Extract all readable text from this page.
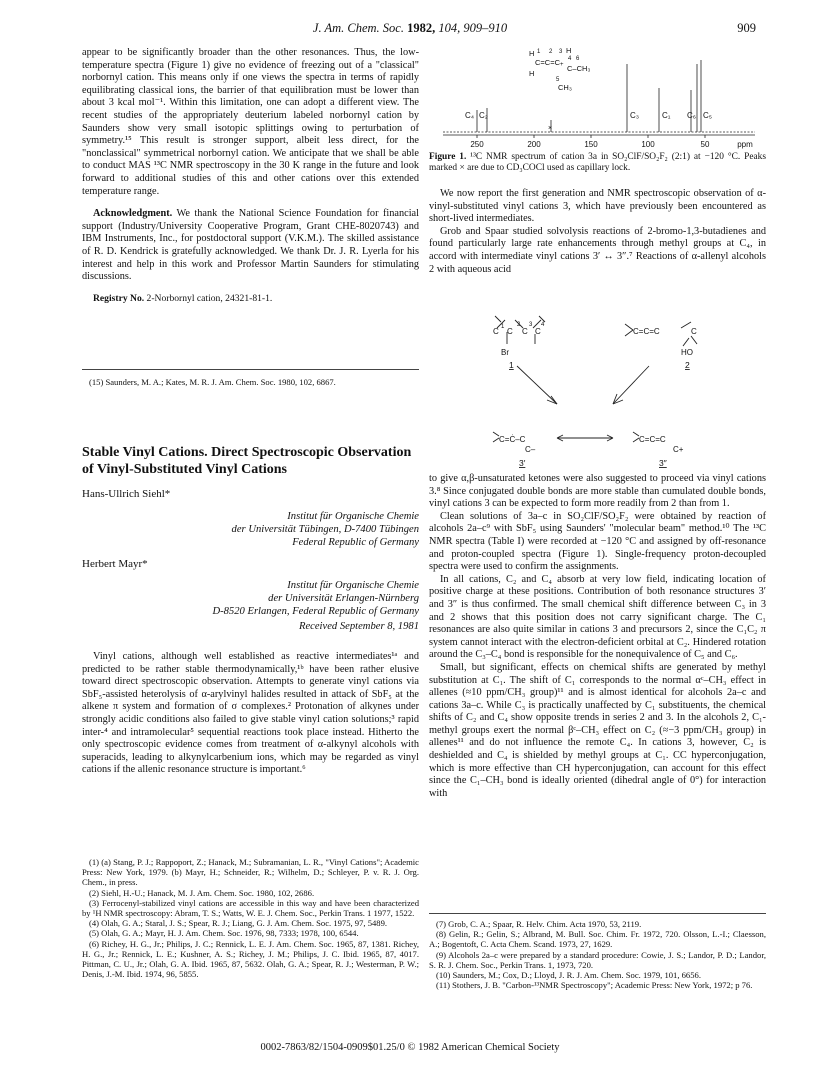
J. Am. Chem. Soc. 1982, 104, 909–910	909

appear to be significantly broader than the other resonances. Thus, the low-temperature spectra (Figure 1) give no evidence of freezing out of a "classical" norbornyl cation. This means only if one views the spectra in terms of rapidly equilibrating classical ions, the barrier of that equilibration must be lower than about 3 kcal mol⁻¹. Within this limitation, one can adopt a different view. The recent studies of the appropriately deuterium labeled norbornyl cation by Saunders show very small isotopic splittings owing to perturbation of symmetry.¹⁵ This result is stronger support, albeit less direct, for the "nonclassical" symmetrical norbornyl cation. We anticipate that we shall be able to conduct MAS ¹³C NMR spectroscopy in the 30 K range in the future and look forward to additional studies of this and other cations over this extended temperature range.

Acknowledgment. We thank the National Science Foundation for financial support (Industry/University Cooperative Program, Grant CHE-8020743) and IBM Instruments, Inc., for postdoctoral support (V.K.M.). The skilled assistance of R. D. Kendrick is gratefully acknowledged. We thank Dr. J. R. Lyerla for his interest and help in this work and Professor Martin Saunders for stimulating discussions.

Registry No. 2-Norbornyl cation, 24321-81-1.

(15) Saunders, M. A.; Kates, M. R. J. Am. Chem. Soc. 1980, 102, 6867.

Stable Vinyl Cations. Direct Spectroscopic Observation of Vinyl-Substituted Vinyl Cations
Hans-Ullrich Siehl*
Institut für Organische Chemie
der Universität Tübingen, D-7400 Tübingen
Federal Republic of Germany
Herbert Mayr*
Institut für Organische Chemie
der Universität Erlangen-Nürnberg
D-8520 Erlangen, Federal Republic of Germany
Received September 8, 1981

Vinyl cations, although well established as reactive intermediates¹ᵃ and predicted to be rather stable thermodynamically,¹ᵇ have been rather elusive toward direct spectroscopic observation. Attempts to generate vinyl cations via SbF₅-assisted heterolysis of α-arylvinyl halides resulted in attack of SbF₅ at the alkene π system and formation of σ complexes.² Protonation of alkynes under strongly acidic conditions also failed to give stable vinyl cation solutions;³ rapid inter-⁴ and intramolecular⁵ sequential reactions took place instead. Hitherto the only spectroscopic evidence comes from treatment of α-alkynyl alcohols with superacids, leading to alkynylcarbenium ions, which may be regarded as vinyl cations if the allenic resonance structure is important.⁶

(1) (a) Stang, P. J.; Rappoport, Z.; Hanack, M.; Subramanian, L. R., "Vinyl Cations"; Academic Press: New York, 1979. (b) Mayr, H.; Schneider, R.; Wilhelm, D.; Schleyer, P. v. R. J. Org. Chem., in press.

(2) Siehl, H.-U.; Hanack, M. J. Am. Chem. Soc. 1980, 102, 2686.

(3) Ferrocenyl-stabilized vinyl cations are accessible in this way and have been characterized by ¹H NMR spectroscopy: Abram, T. S.; Watts, W. E. J. Chem. Soc., Perkin Trans. 1 1977, 1522.

(4) Olah, G. A.; Staral, J. S.; Spear, R. J.; Liang, G. J. Am. Chem. Soc. 1975, 97, 5489.

(5) Olah, G. A.; Mayr, H. J. Am. Chem. Soc. 1976, 98, 7333; 1978, 100, 6544.

(6) Richey, H. G., Jr.; Philips, J. C.; Rennick, L. E. J. Am. Chem. Soc. 1965, 87, 1381. Richey, H. G., Jr.; Rennick, L. E.; Kushner, A. S.; Richey, J. M.; Philips, J. C. Ibid. 1965, 87, 4017. Pittman, C. U., Jr.; Olah, G. A. Ibid. 1965, 87, 5632. Olah, G. A.; Spear, R. J.; Westerman, P. W.; Denis, J.-M. Ibid. 1974, 96, 5855.

H 1 2 3 H
H
C=C=C
C–CH₃
CH₃
4
5
6
+
C₄ C₂	C₃	C₁ C₆ C₅
×
250	200	150	100	50	ppm

Figure 1. ¹³C NMR spectrum of cation 3a in SO₂ClF/SO₂F₂ (2:1) at −120 °C. Peaks marked × are due to CD₃COCl used as capillary lock.

We now report the first generation and NMR spectroscopic observation of α-vinyl-substituted vinyl cations 3, which have previously been encountered as short-lived intermediates.

Grob and Spaar studied solvolysis reactions of 2-bromo-1,3-butadienes and found particularly large rate enhancements through methyl groups at C₄, in accord with intermediate vinyl cations 3′ ↔ 3″.⁷ Reactions of α-allenyl alcohols 2 with aqueous acid

C 1 C
2
C
3
C
4
Br
C=C=C	C
HO
C=Ċ–C
C–
C=C=C
C+
1	2
3′	3″

to give α,β-unsaturated ketones were also suggested to proceed via vinyl cations 3.⁸ Since conjugated double bonds are more stable than cumulated double bonds, vinyl cations 3 can be expected to form more readily from 2 than from 1.

Clean solutions of 3a–c in SO₂ClF/SO₂F₂ were obtained by reaction of alcohols 2a–c⁹ with SbF₅ using Saunders' "molecular beam" method.¹⁰ The ¹³C NMR spectra (Table I) were recorded at −120 °C and assigned by off-resonance and proton-coupled spectra (Figure 1). Single-frequency proton-decoupled spectra were used to confirm the assignments.

In all cations, C₂ and C₄ absorb at very low field, indicating location of positive charge at these positions. Contribution of both resonance structures 3′ and 3″ is thus confirmed. The small chemical shift difference between C₃ in 3 and 2 shows that this position does not carry significant charge. The C₁ resonances are also quite similar in cations 3 and precursors 2, since the C₁C₂ π system cannot interact with the electron-deficient orbital at C₂. Hindered rotation around the C₃–C₄ bond is responsible for the nonequivalence of C₅ and C₆.

Small, but significant, effects on chemical shifts are generated by methyl substitution at C₁. The shift of C₁ corresponds to the normal αᶜ–CH₃ effect in allenes (≈10 ppm/CH₃ group)¹¹ and is almost identical for alcohols 2a–c and cations 3a–c. While C₃ is practically unaffected by C₁ substituents, the chemical shifts of C₂ and C₄ show opposite trends in series 2 and 3. In the alcohols 2, C₁-methyl groups exert the normal βᶜ–CH₃ effect on C₂ (≈−3 ppm/CH₃ group) in allenes¹¹ and do not influence the remote C₄. In cations 3, however, C₂ is deshielded and C₄ is shielded by methyl groups at C₁. CC hyperconjugation, which is more effective than CH hyperconjugation, can account for this effect since the C₁–CH₃ bond is ideally oriented (dihedral angle of 0°) for interaction with

(7) Grob, C. A.; Spaar, R. Helv. Chim. Acta 1970, 53, 2119.

(8) Gelin, R.; Gelin, S.; Albrand, M. Bull. Soc. Chim. Fr. 1972, 720. Olsson, L.-I.; Claesson, A.; Bogentoft, C. Acta Chem. Scand. 1973, 27, 1629.

(9) Alcohols 2a–c were prepared by a standard procedure: Cowie, J. S.; Landor, P. D.; Landor, S. R. J. Chem. Soc., Perkin Trans. 1, 1973, 720.

(10) Saunders, M.; Cox, D.; Lloyd, J. R. J. Am. Chem. Soc. 1979, 101, 6656.

(11) Stothers, J. B. "Carbon-¹³NMR Spectroscopy"; Academic Press: New York, 1972; p 76.

0002-7863/82/1504-0909$01.25/0 © 1982 American Chemical Society
